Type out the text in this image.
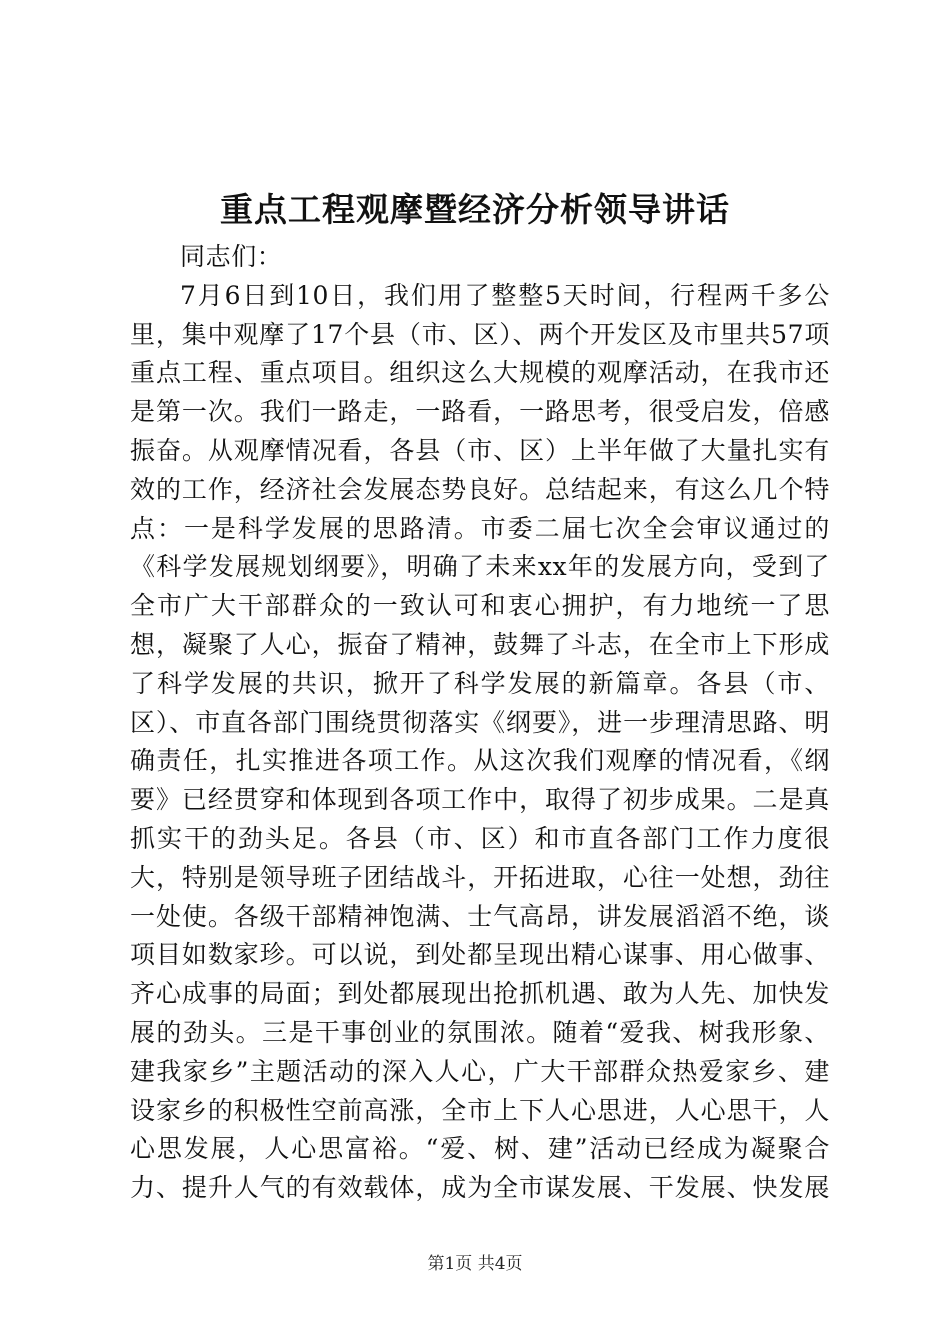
重点工程观摩暨经济分析领导讲话

同志们：

7月6日到10日，我们用了整整5天时间，行程两千多公里，集中观摩了17个县（市、区）、两个开发区及市里共57项重点工程、重点项目。组织这么大规模的观摩活动，在我市还是第一次。我们一路走，一路看，一路思考，很受启发，倍感振奋。从观摩情况看，各县（市、区）上半年做了大量扎实有效的工作，经济社会发展态势良好。总结起来，有这么几个特点：一是科学发展的思路清。市委二届七次全会审议通过的《科学发展规划纲要》，明确了未来xx年的发展方向，受到了全市广大干部群众的一致认可和衷心拥护，有力地统一了思想，凝聚了人心，振奋了精神，鼓舞了斗志，在全市上下形成了科学发展的共识，掀开了科学发展的新篇章。各县（市、区）、市直各部门围绕贯彻落实《纲要》，进一步理清思路、明确责任，扎实推进各项工作。从这次我们观摩的情况看，《纲要》已经贯穿和体现到各项工作中，取得了初步成果。二是真抓实干的劲头足。各县（市、区）和市直各部门工作力度很大，特别是领导班子团结战斗，开拓进取，心往一处想，劲往一处使。各级干部精神饱满、士气高昂，讲发展滔滔不绝，谈项目如数家珍。可以说，到处都呈现出精心谋事、用心做事、齐心成事的局面；到处都展现出抢抓机遇、敢为人先、加快发展的劲头。三是干事创业的氛围浓。随着“爱我、树我形象、建我家乡”主题活动的深入人心，广大干部群众热爱家乡、建设家乡的积极性空前高涨，全市上下人心思进，人心思干，人心思发展，人心思富裕。“爱、树、建”活动已经成为凝聚合力、提升人气的有效载体，成为全市谋发展、干发展、快发展

第1页 共4页
